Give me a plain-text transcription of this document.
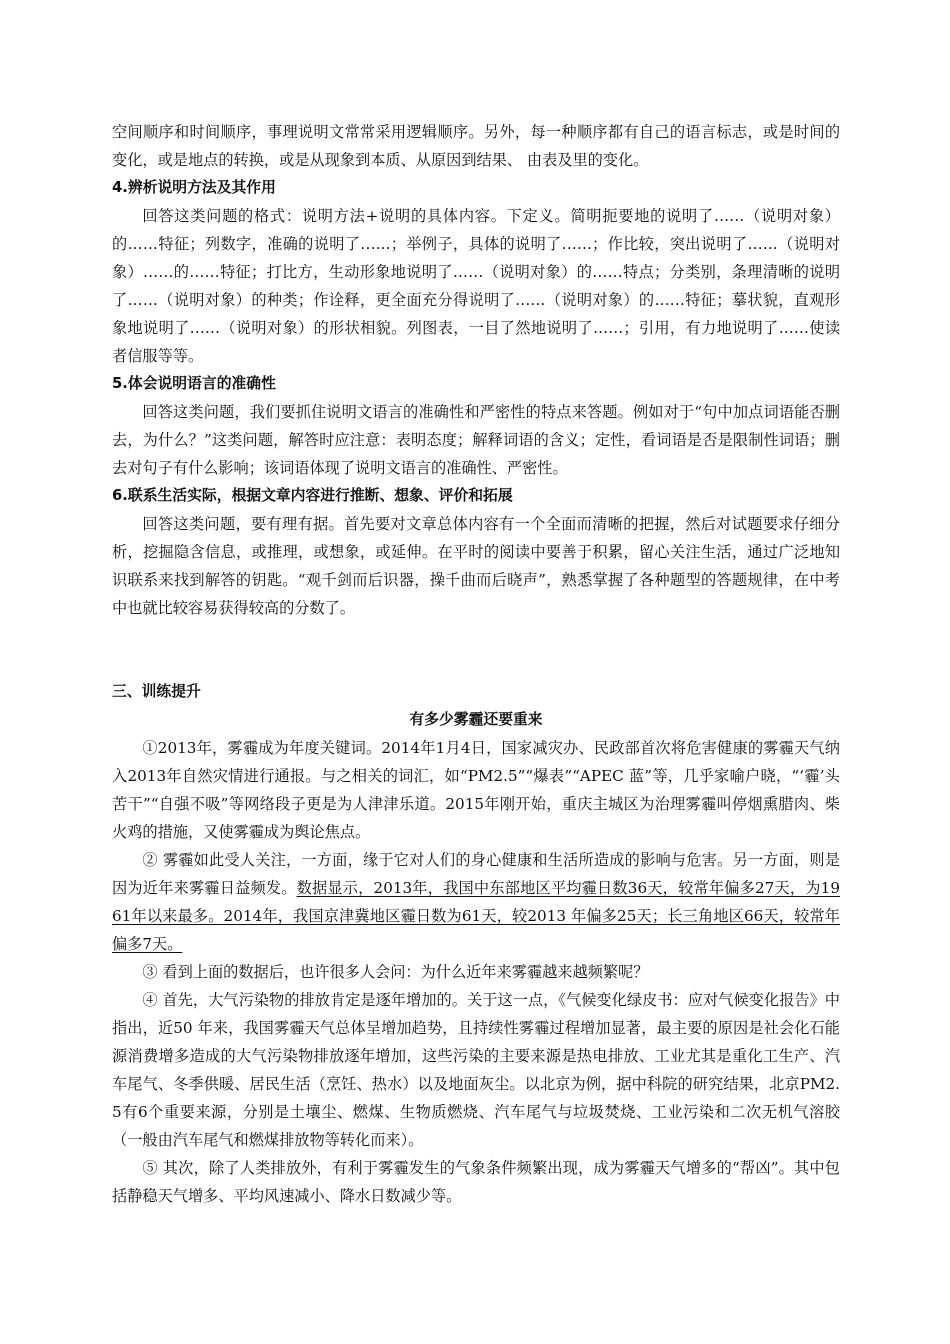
空间顺序和时间顺序，事理说明文常常采用逻辑顺序。另外，每一种顺序都有自己的语言标志，或是时间的变化，或是地点的转换，或是从现象到本质、从原因到结果、 由表及里的变化。

4.辨析说明方法及其作用

回答这类问题的格式：说明方法+说明的具体内容。下定义。简明扼要地的说明了……（说明对象）的……特征；列数字，准确的说明了……；举例子，具体的说明了……；作比较，突出说明了……（说明对象）……的……特征；打比方，生动形象地说明了……（说明对象）的……特点；分类别，条理清晰的说明了……（说明对象）的种类；作诠释，更全面充分得说明了……（说明对象）的……特征；摹状貌，直观形象地说明了……（说明对象）的形状相貌。列图表，一目了然地说明了……；引用，有力地说明了……使读者信服等等。

5.体会说明语言的准确性

回答这类问题，我们要抓住说明文语言的准确性和严密性的特点来答题。例如对于“句中加点词语能否删去，为什么？”这类问题，解答时应注意：表明态度；解释词语的含义；定性，看词语是否是限制性词语；删去对句子有什么影响；该词语体现了说明文语言的准确性、严密性。

6.联系生活实际，根据文章内容进行推断、想象、评价和拓展

回答这类问题，要有理有据。首先要对文章总体内容有一个全面而清晰的把握，然后对试题要求仔细分析，挖掘隐含信息，或推理，或想象，或延伸。在平时的阅读中要善于积累，留心关注生活，通过广泛地知识联系来找到解答的钥匙。“观千剑而后识器，操千曲而后晓声”，熟悉掌握了各种题型的答题规律，在中考中也就比较容易获得较高的分数了。

三、训练提升

有多少雾霾还要重来

①2013年，雾霾成为年度关键词。2014年1月4日，国家减灾办、民政部首次将危害健康的雾霾天气纳入2013年自然灾情进行通报。与之相关的词汇，如“PM2.5”“爆表”“APEC 蓝”等，几乎家喻户晓，“‘霾’头苦干”“自强不吸”等网络段子更是为人津津乐道。2015年刚开始，重庆主城区为治理雾霾叫停烟熏腊肉、柴火鸡的措施，又使雾霾成为舆论焦点。

② 雾霾如此受人关注，一方面，缘于它对人们的身心健康和生活所造成的影响与危害。另一方面，则是因为近年来雾霾日益频发。数据显示，2013年，我国中东部地区平均霾日数36天，较常年偏多27天，为1961年以来最多。2014年，我国京津冀地区霾日数为61天，较2013 年偏多25天；长三角地区66天，较常年偏多7天。

③ 看到上面的数据后，也许很多人会问：为什么近年来雾霾越来越频繁呢？

④ 首先，大气污染物的排放肯定是逐年增加的。关于这一点，《气候变化绿皮书：应对气候变化报告》中指出，近50 年来，我国雾霾天气总体呈增加趋势，且持续性雾霾过程增加显著，最主要的原因是社会化石能源消费增多造成的大气污染物排放逐年增加，这些污染的主要来源是热电排放、工业尤其是重化工生产、汽车尾气、冬季供暖、居民生活（烹饪、热水）以及地面灰尘。以北京为例，据中科院的研究结果，北京PM2.5有6个重要来源，分别是土壤尘、燃煤、生物质燃烧、汽车尾气与垃圾焚烧、工业污染和二次无机气溶胶（一般由汽车尾气和燃煤排放物等转化而来）。

⑤ 其次，除了人类排放外，有利于雾霾发生的气象条件频繁出现，成为雾霾天气增多的“帮凶”。其中包括静稳天气增多、平均风速减小、降水日数减少等。
